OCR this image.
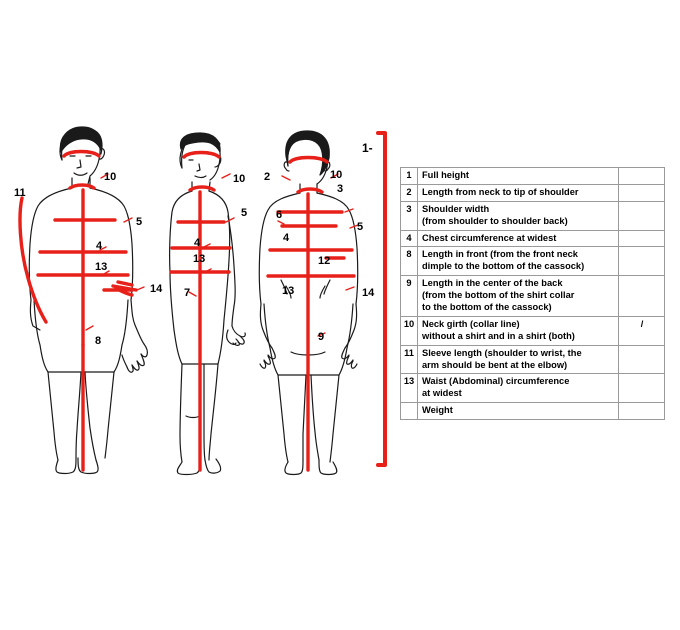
11
10
5
4
13
14
8
10
5
4
13
7
2	10
3
6
5
4
12
13	14
9
1-
1	Full height	
2	Length from neck to tip of shoulder	
3	Shoulder width
(from shoulder to shoulder back)	
4	Chest circumference at widest	
8	Length in front (from the front neck
dimple to the bottom of the cassock)	
9	Length in the center of the back
(from the bottom of the shirt collar
to the bottom of the cassock)	
10	Neck girth (collar line)
without a shirt and in a shirt (both)	/
11	Sleeve length (shoulder to wrist, the
arm should be bent at the elbow)	
13	Waist (Abdominal) circumference
at widest	
	Weight	
